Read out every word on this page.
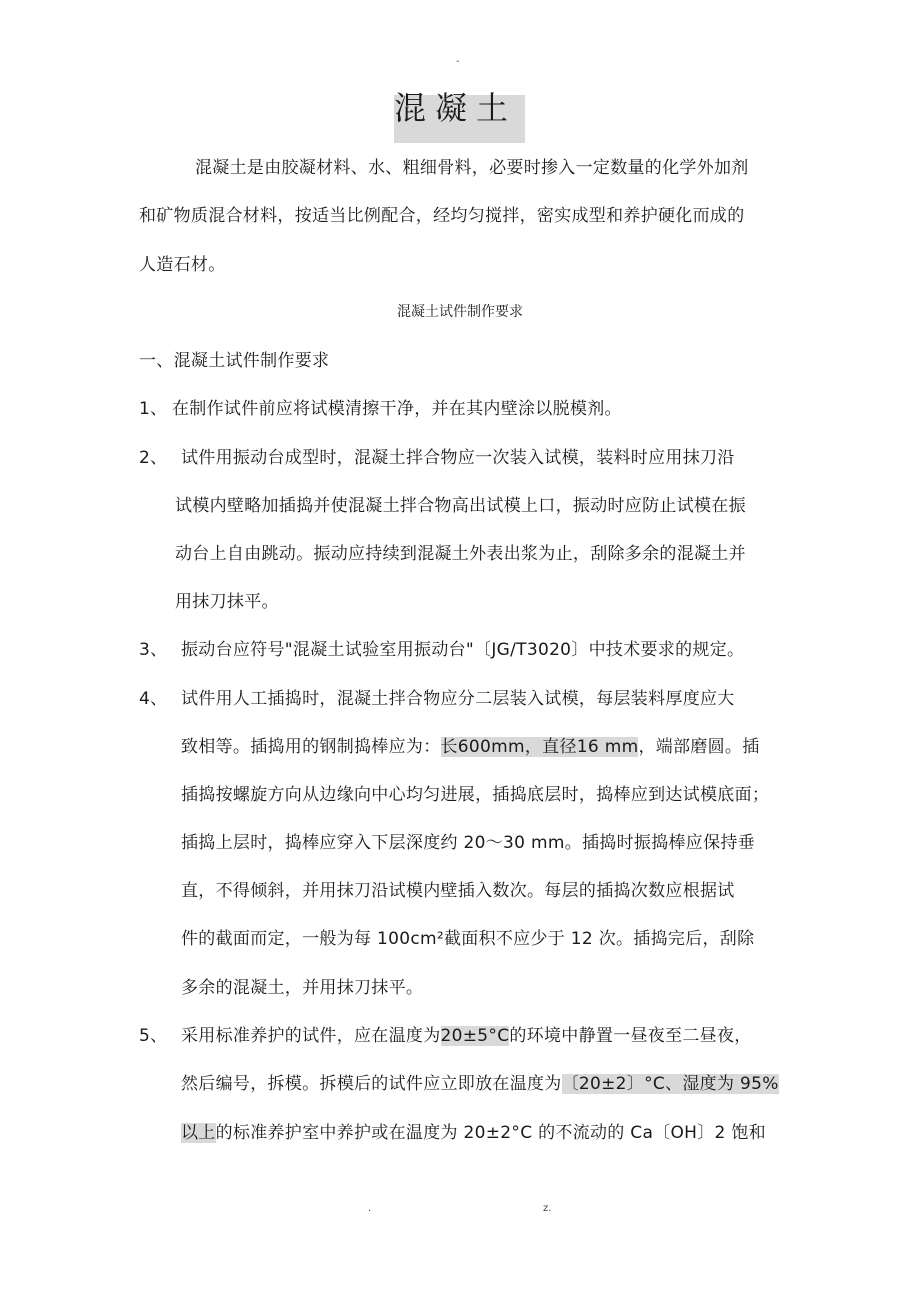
-
混凝土
混凝土是由胶凝材料、水、粗细骨料，必要时掺入一定数量的化学外加剂
和矿物质混合材料，按适当比例配合，经均匀搅拌，密实成型和养护硬化而成的
人造石材。
混凝土试件制作要求
一、混凝土试件制作要求
1、 在制作试件前应将试模清擦干净，并在其内壁涂以脱模剂。
2、 试件用振动台成型时，混凝土拌合物应一次装入试模，装料时应用抹刀沿
试模内壁略加插捣并使混凝土拌合物高出试模上口，振动时应防止试模在振
动台上自由跳动。振动应持续到混凝土外表出浆为止，刮除多余的混凝土并
用抹刀抹平。
3、 振动台应符号"混凝土试验室用振动台"〔JG/T3020〕中技术要求的规定。
4、 试件用人工插捣时，混凝土拌合物应分二层装入试模，每层装料厚度应大
致相等。插捣用的钢制捣棒应为：长600mm，直径16 mm，端部磨圆。插
插捣按螺旋方向从边缘向中心均匀进展，插捣底层时，捣棒应到达试模底面；
插捣上层时，捣棒应穿入下层深度约 20～30 mm。插捣时振捣棒应保持垂
直，不得倾斜，并用抹刀沿试模内壁插入数次。每层的插捣次数应根据试
件的截面而定，一般为每 100cm²截面积不应少于 12 次。插捣完后，刮除
多余的混凝土，并用抹刀抹平。
5、 采用标准养护的试件，应在温度为20±5°C的环境中静置一昼夜至二昼夜，
然后编号，拆模。拆模后的试件应立即放在温度为〔20±2〕°C、湿度为 95%
以上的标准养护室中养护或在温度为 20±2°C 的不流动的 Ca〔OH〕2 饱和
.	z.
